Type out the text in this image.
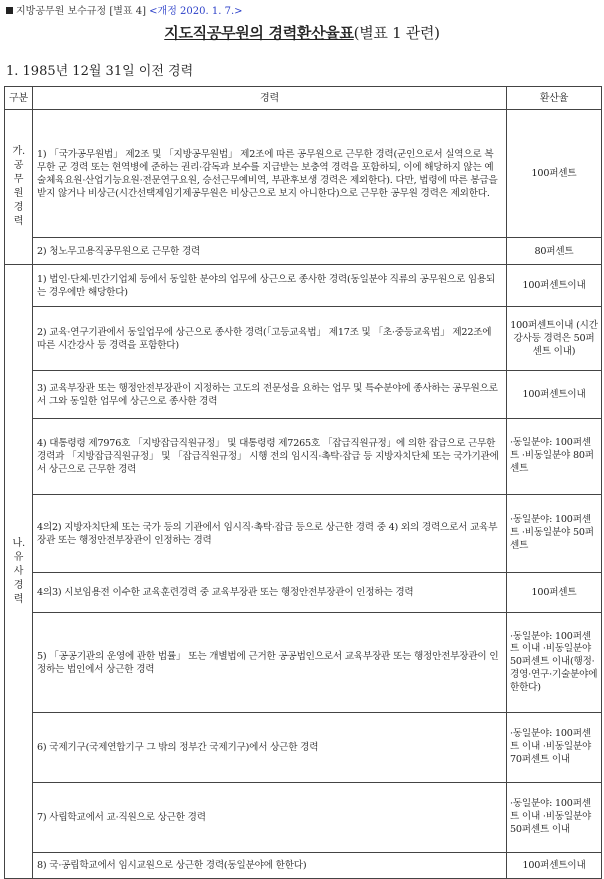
지방공무원 보수규정 [별표 4] <개정 2020. 1. 7.>
지도직공무원의 경력환산율표(별표 1 관련)
1. 1985년 12월 31일 이전 경력
구분	경력	환산율
가.공무원경력	1) 「국가공무원법」 제2조 및 「지방공무원법」 제2조에 따른 공무원으로 근무한 경력(군인으로서 실역으로 복무한 군 경력 또는 현역병에 준하는 권리·감독과 보수를 지급받는 보충역 경력을 포함하되, 이에 해당하지 않는 예술체육요원·산업기능요원·전문연구요원, 승선근무예비역, 부관후보생 경력은 제외한다). 다만, 법령에 따른 봉급을 받지 않거나 비상근(시간선택제임기제공무원은 비상근으로 보지 아니한다)으로 근무한 공무원 경력은 제외한다.	100퍼센트

	2) 청노무고용직공무원으로 근무한 경력	80퍼센트

나.유사경력	1) 법인·단체·민간기업체 등에서 동일한 분야의 업무에 상근으로 종사한 경력(동일분야 직류의 공무원으로 임용되는 경우에만 해당한다)	100퍼센트이내

	2) 교육·연구기관에서 동일업무에 상근으로 종사한 경력(「고등교육법」 제17조 및 「초·중등교육법」 제22조에 따른 시간강사 등 경력을 포함한다)	100퍼센트이내 (시간강사등 경력은 50퍼센트 이내)

	3) 교육부장관 또는 행정안전부장관이 지정하는 고도의 전문성을 요하는 업무 및 특수분야에 종사하는 공무원으로서 그와 동일한 업무에 상근으로 종사한 경력	100퍼센트이내

	4) 대통령령 제7976호 「지방잡급직원규정」 및 대통령령 제7265호 「잡급직원규정」에 의한 잡급으로 근무한 경력과 「지방잡급직원규정」 및 「잡급직원규정」 시행 전의 임시직·촉탁·잡급 등 지방자치단체 또는 국가기관에서 상근으로 근무한 경력	·동일분야: 100퍼센트 ·비동일분야 80퍼센트

	4의2) 지방자치단체 또는 국가 등의 기관에서 임시직·촉탁·잡급 등으로 상근한 경력 중 4) 외의 경력으로서 교육부장관 또는 행정안전부장관이 인정하는 경력	·동일분야: 100퍼센트 ·비동일분야 50퍼센트

	4의3) 시보임용전 이수한 교육훈련경력 중 교육부장관 또는 행정안전부장관이 인정하는 경력	100퍼센트

	5) 「공공기관의 운영에 관한 법률」 또는 개별법에 근거한 공공법인으로서 교육부장관 또는 행정안전부장관이 인정하는 법인에서 상근한 경력	·동일분야: 100퍼센트 이내 ·비동일분야 50퍼센트 이내(행정·경영·연구·기술분야에 한한다)

	6) 국제기구(국제연합기구 그 밖의 정부간 국제기구)에서 상근한 경력	·동일분야: 100퍼센트 이내 ·비동일분야 70퍼센트 이내

	7) 사립학교에서 교·직원으로 상근한 경력	·동일분야: 100퍼센트 이내 ·비동일분야 50퍼센트 이내

	8) 국·공립학교에서 임시교원으로 상근한 경력(동일분야에 한한다)	100퍼센트이내
